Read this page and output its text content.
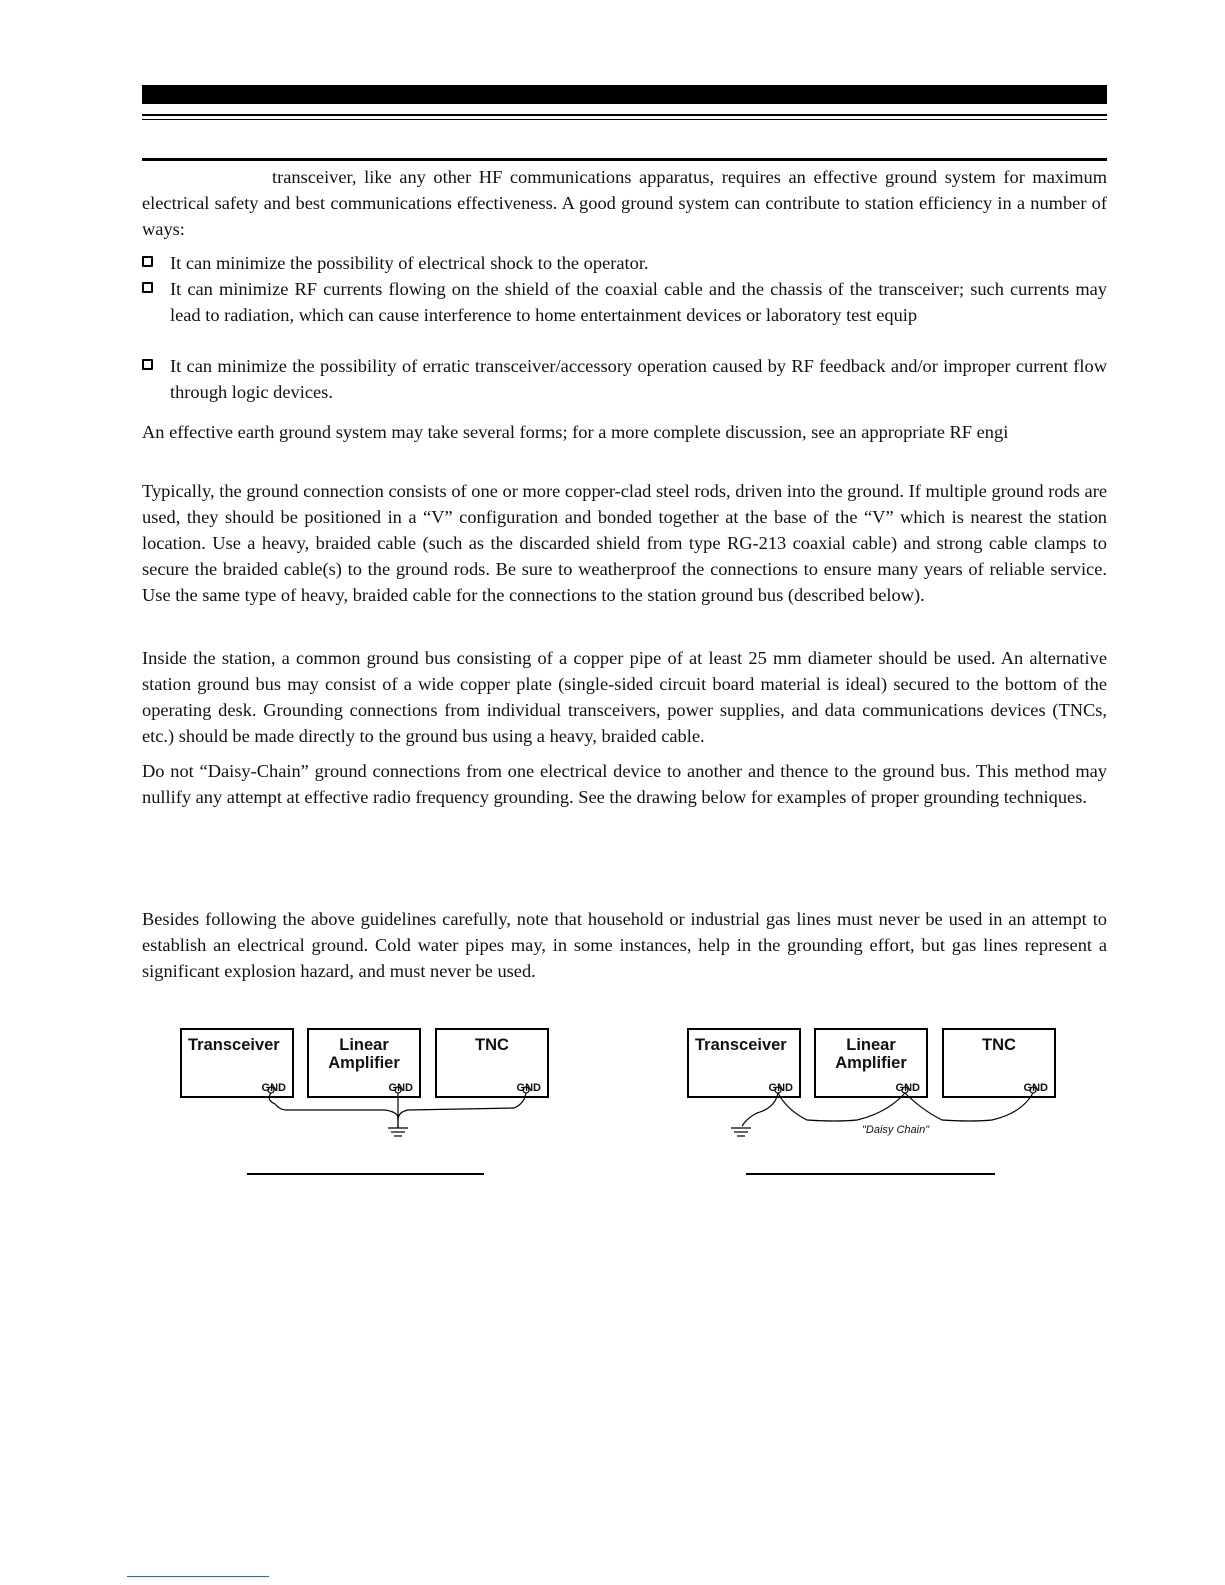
transceiver, like any other HF communications apparatus, requires an effective ground system for maximum electrical safety and best communications effectiveness. A good ground system can contribute to station efficiency in a number of ways:

It can minimize the possibility of electrical shock to the operator.
It can minimize RF currents flowing on the shield of the coaxial cable and the chassis of the transceiver; such currents may lead to radiation, which can cause interference to home entertainment devices or laboratory test equip
It can minimize the possibility of erratic transceiver/accessory operation caused by RF feedback and/or improper current flow through logic devices.

An effective earth ground system may take several forms; for a more complete discussion, see an appropriate RF engi

Typically, the ground connection consists of one or more copper-clad steel rods, driven into the ground. If multiple ground rods are used, they should be positioned in a “V” configuration and bonded together at the base of the “V” which is nearest the station location. Use a heavy, braided cable (such as the discarded shield from type RG-213 coaxial cable) and strong cable clamps to secure the braided cable(s) to the ground rods. Be sure to weatherproof the connections to ensure many years of reliable service. Use the same type of heavy, braided cable for the connections to the station ground bus (described below).

Inside the station, a common ground bus consisting of a copper pipe of at least 25 mm diameter should be used. An alternative station ground bus may consist of a wide copper plate (single-sided circuit board material is ideal) secured to the bottom of the operating desk. Grounding connections from individual transceivers, power supplies, and data communications devices (TNCs, etc.) should be made directly to the ground bus using a heavy, braided cable.

Do not “Daisy-Chain” ground connections from one electrical device to another and thence to the ground bus. This method may nullify any attempt at effective radio frequency grounding. See the drawing below for examples of proper grounding techniques.

Besides following the above guidelines carefully, note that household or industrial gas lines must never be used in an attempt to establish an electrical ground. Cold water pipes may, in some instances, help in the grounding effort, but gas lines represent a significant explosion hazard, and must never be used.

Transceiver
GND
Linear
Amplifier
GND
TNC
GND
Transceiver
GND
Linear
Amplifier
GND
TNC
GND
"Daisy Chain"
